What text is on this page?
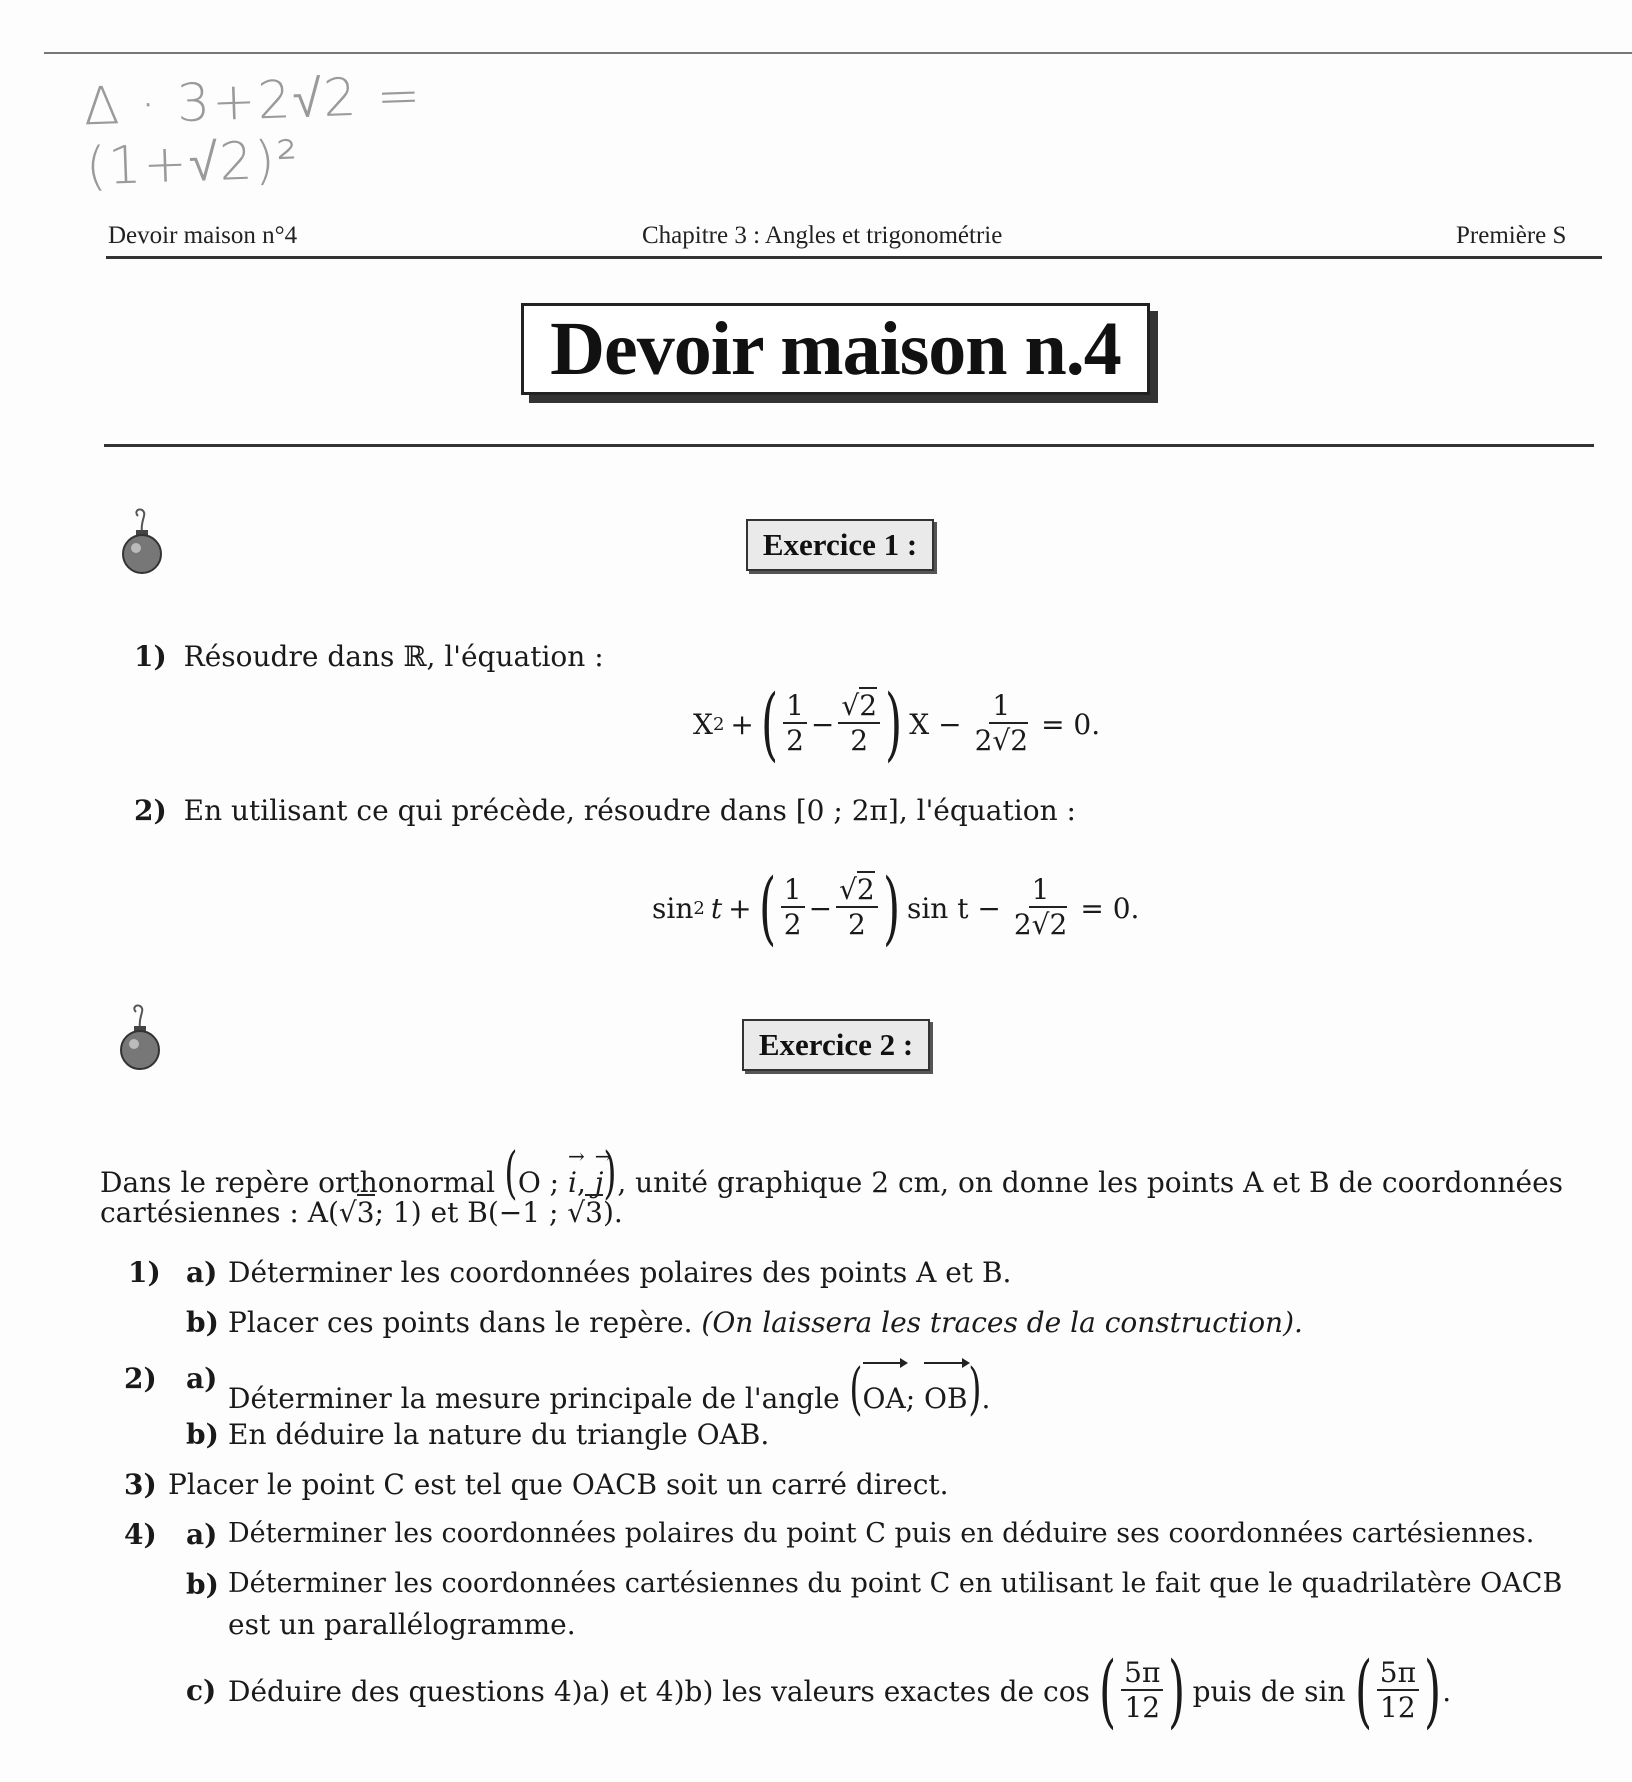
Δ · 3+2√2 = (1+√2)²
Devoir maison n°4	Chapitre 3 : Angles et trigonométrie	Première S
Devoir maison n.4
Exercice 1 :
1) Résoudre dans ℝ, l'équation :
X 2 + ( $\frac{1}{2} - \frac{√2}{2}$ ) $X - \frac{1}{2√2} = 0$.
2) En utilisant ce qui précède, résoudre dans [0 ; 2π], l'équation :
sin 2 t + ( $\frac{1}{2} - \frac{√2}{2}$ ) $\sin t - \frac{1}{2√2} = 0$.
Exercice 2 :
Dans le repère orthonormal (O ; → i, → j), unité graphique 2 cm, on donne les points A et B de coordonnées
cartésiennes : A(√3; 1) et B(−1 ; √3).
1) a) Déterminer les coordonnées polaires des points A et B.
b) Placer ces points dans le repère. (On laissera les traces de la construction).
2) a)
Déterminer la mesure principale de l'angle (
OA;
OB).
b) En déduire la nature du triangle OAB.
3) Placer le point C est tel que OACB soit un carré direct.
4) a) Déterminer les coordonnées polaires du point C puis en déduire ses coordonnées cartésiennes.
b) Déterminer les coordonnées cartésiennes du point C en utilisant le fait que le quadrilatère OACB
est un parallélogramme.
c) Déduire des questions 4)a) et 4)b) les valeurs exactes de cos ( $\frac{5\pi}{12}$ ) puis de sin ( $\frac{5\pi}{12}$ ) .
